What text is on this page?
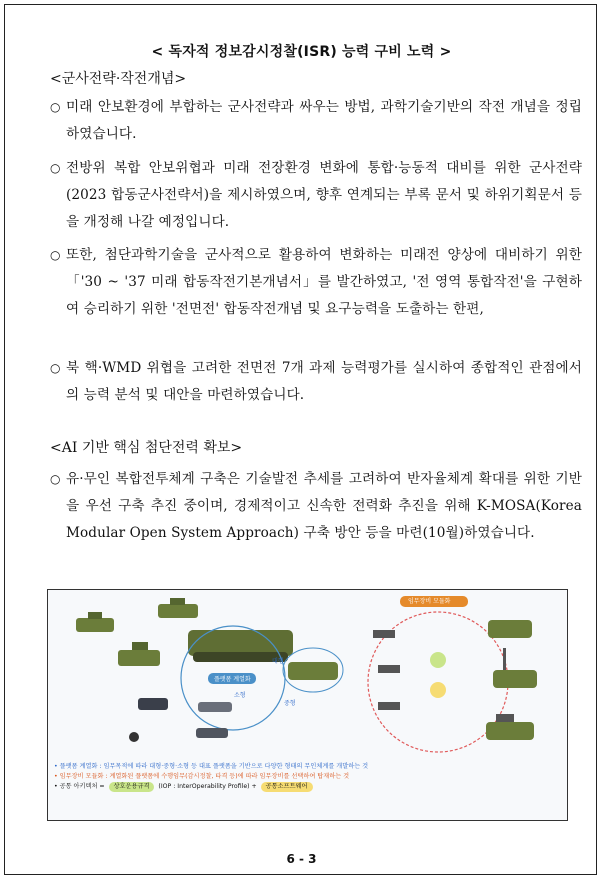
< 독자적 정보감시정찰(ISR) 능력 구비 노력 >
<군사전략·작전개념>
○ 미래 안보환경에 부합하는 군사전략과 싸우는 방법, 과학기술기반의 작전 개념을 정립하였습니다.
○ 전방위 복합 안보위협과 미래 전장환경 변화에 통합·능동적 대비를 위한 군사전략(2023 합동군사전략서)을 제시하였으며, 향후 연계되는 부록 문서 및 하위기획문서 등을 개정해 나갈 예정입니다.
○ 또한, 첨단과학기술을 군사적으로 활용하여 변화하는 미래전 양상에 대비하기 위한 「'30 ~ '37 미래 합동작전기본개념서」를 발간하였고, '전 영역 통합작전'을 구현하여 승리하기 위한 '전면전' 합동작전개념 및 요구능력을 도출하는 한편,
○ 북 핵·WMD 위협을 고려한 전면전 7개 과제 능력평가를 실시하여 종합적인 관점에서의 능력 분석 및 대안을 마련하였습니다.
<AI 기반 핵심 첨단전력 확보>
○ 유·무인 복합전투체계 구축은 기술발전 추세를 고려하여 반자율체계 확대를 위한 기반을 우선 구축 추진 중이며, 경제적이고 신속한 전력화 추진을 위해 K-MOSA(Korea Modular Open System Approach) 구축 방안 등을 마련(10월)하였습니다.
임무장비 모듈화
플랫폼 계열화
대형
중형
소형
• 플랫폼 계열화 : 임무목적에 따라 대형·중형·소형 등 대표 플랫폼을 기반으로 다양한 형태의 무인체계를 개발하는 것
• 임무장비 모듈화 : 계열화된 플랫폼에 수행임무(감시정찰, 타격 등)에 따라 임무장비를 선택하여 탑재하는 것
• 공통 아키텍처 = 상호운용규격 (IOP : InterOperability Profile) + 공통소프트웨어
6 - 3
